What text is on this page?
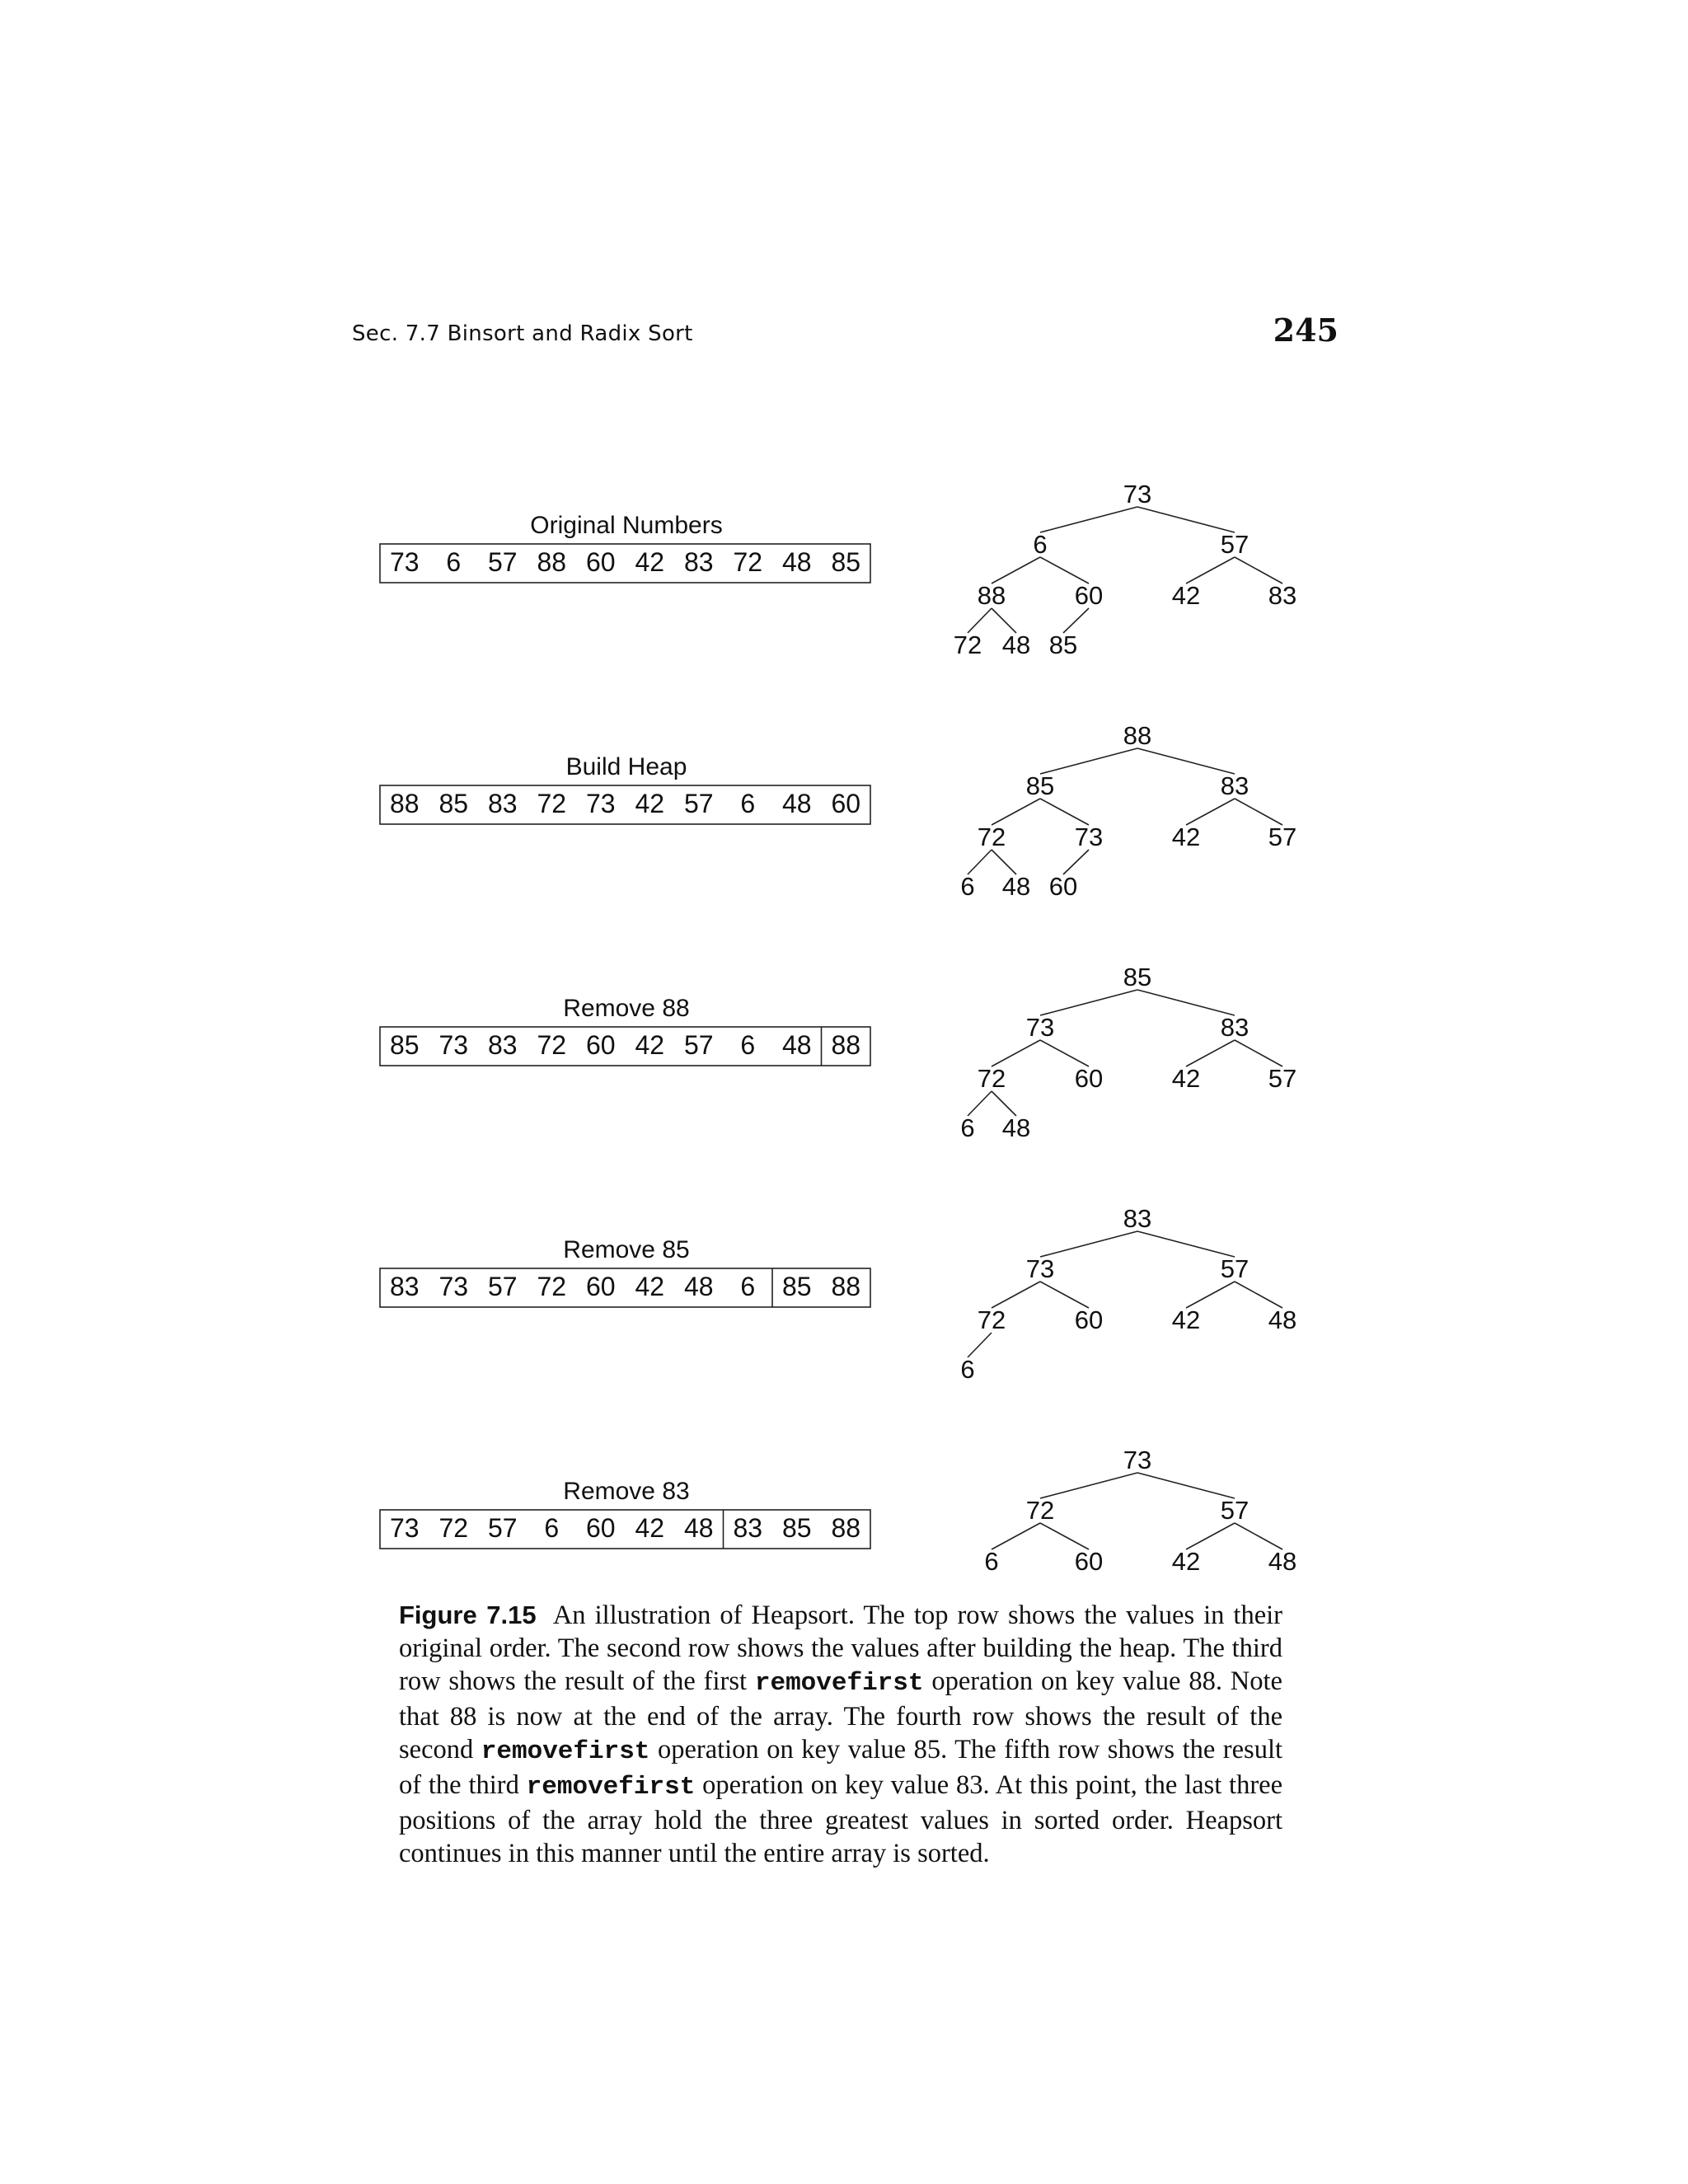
Sec. 7.7 Binsort and Radix Sort	245
Original Numbers
73 6 57 88 60 42 83 72 48 85
73
6	57
88	60	42	83
72 48 85
Build Heap
88 85 83 72 73 42 57 6 48 60
88
85	83
72	73	42	57
6 48 60
Remove 88
85 73 83 72 60 42 57 6 48 88
85
73	83
72	60	42	57
6 48
Remove 85
83 73 57 72 60 42 48 6 85 88
83
73	57
72	60	42	48
6
Remove 83
73 72 57 6 60 42 48 83 85 88
73
72	57
6	60	42	48
Figure 7.15 An illustration of Heapsort. The top row shows the values in their original order. The second row shows the values after building the heap. The third row shows the result of the first removefirst operation on key value 88. Note that 88 is now at the end of the array. The fourth row shows the result of the second removefirst operation on key value 85. The fifth row shows the result of the third removefirst operation on key value 83. At this point, the last three positions of the array hold the three greatest values in sorted order. Heapsort continues in this manner until the entire array is sorted.
